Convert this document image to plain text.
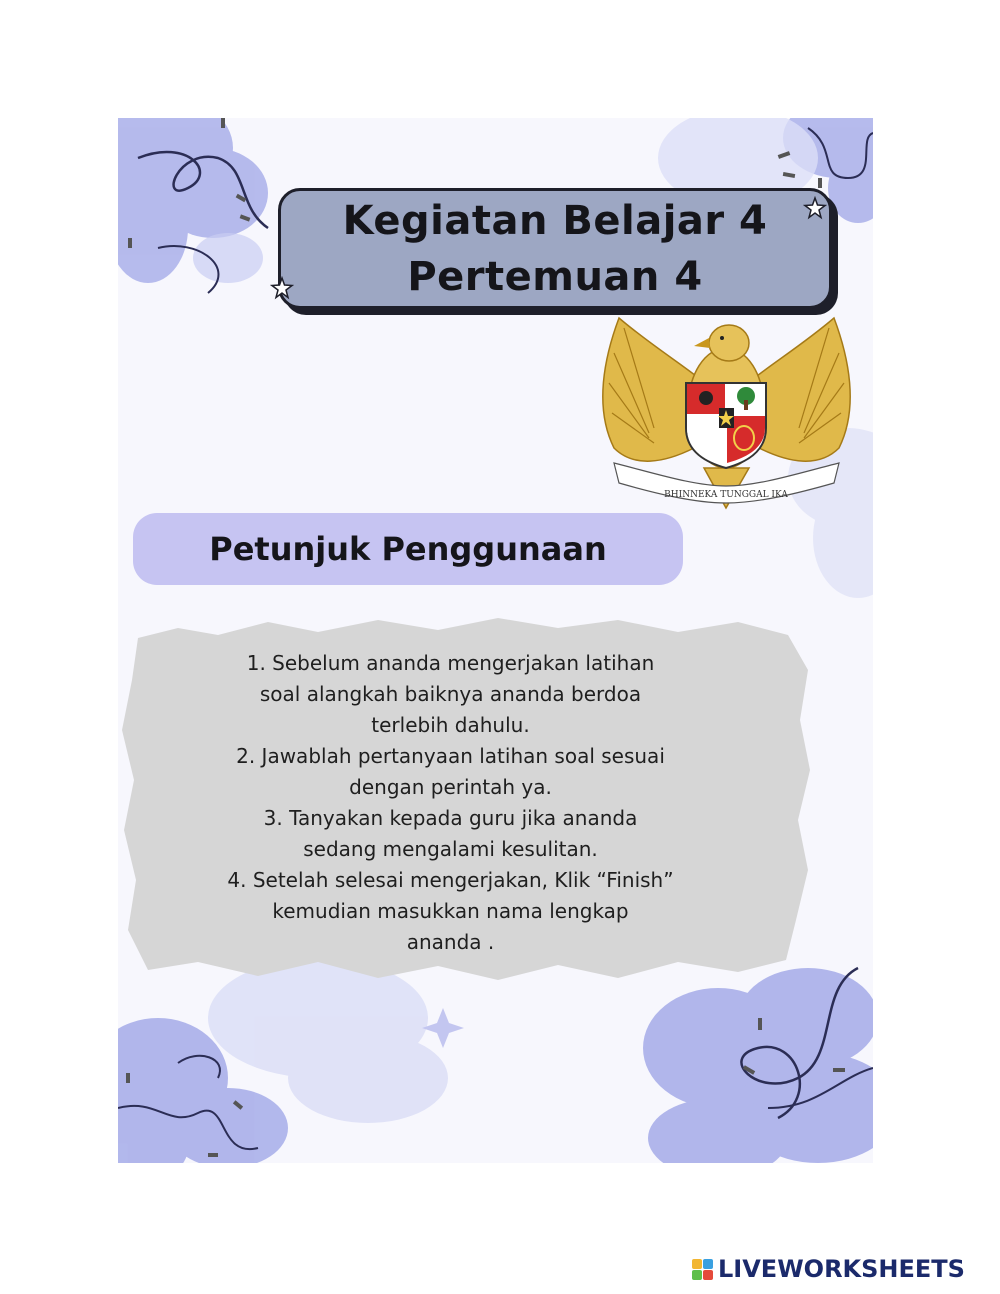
Kegiatan Belajar 4
Pertemuan 4
BHINNEKA TUNGGAL IKA
Petunjuk Penggunaan
1. Sebelum ananda mengerjakan latihan
soal alangkah baiknya ananda berdoa
terlebih dahulu.
2. Jawablah pertanyaan latihan soal sesuai
dengan perintah ya.
3. Tanyakan kepada guru jika ananda
sedang mengalami kesulitan.
4. Setelah selesai mengerjakan, Klik “Finish”
kemudian masukkan nama lengkap
ananda .
LIVEWORKSHEETS
